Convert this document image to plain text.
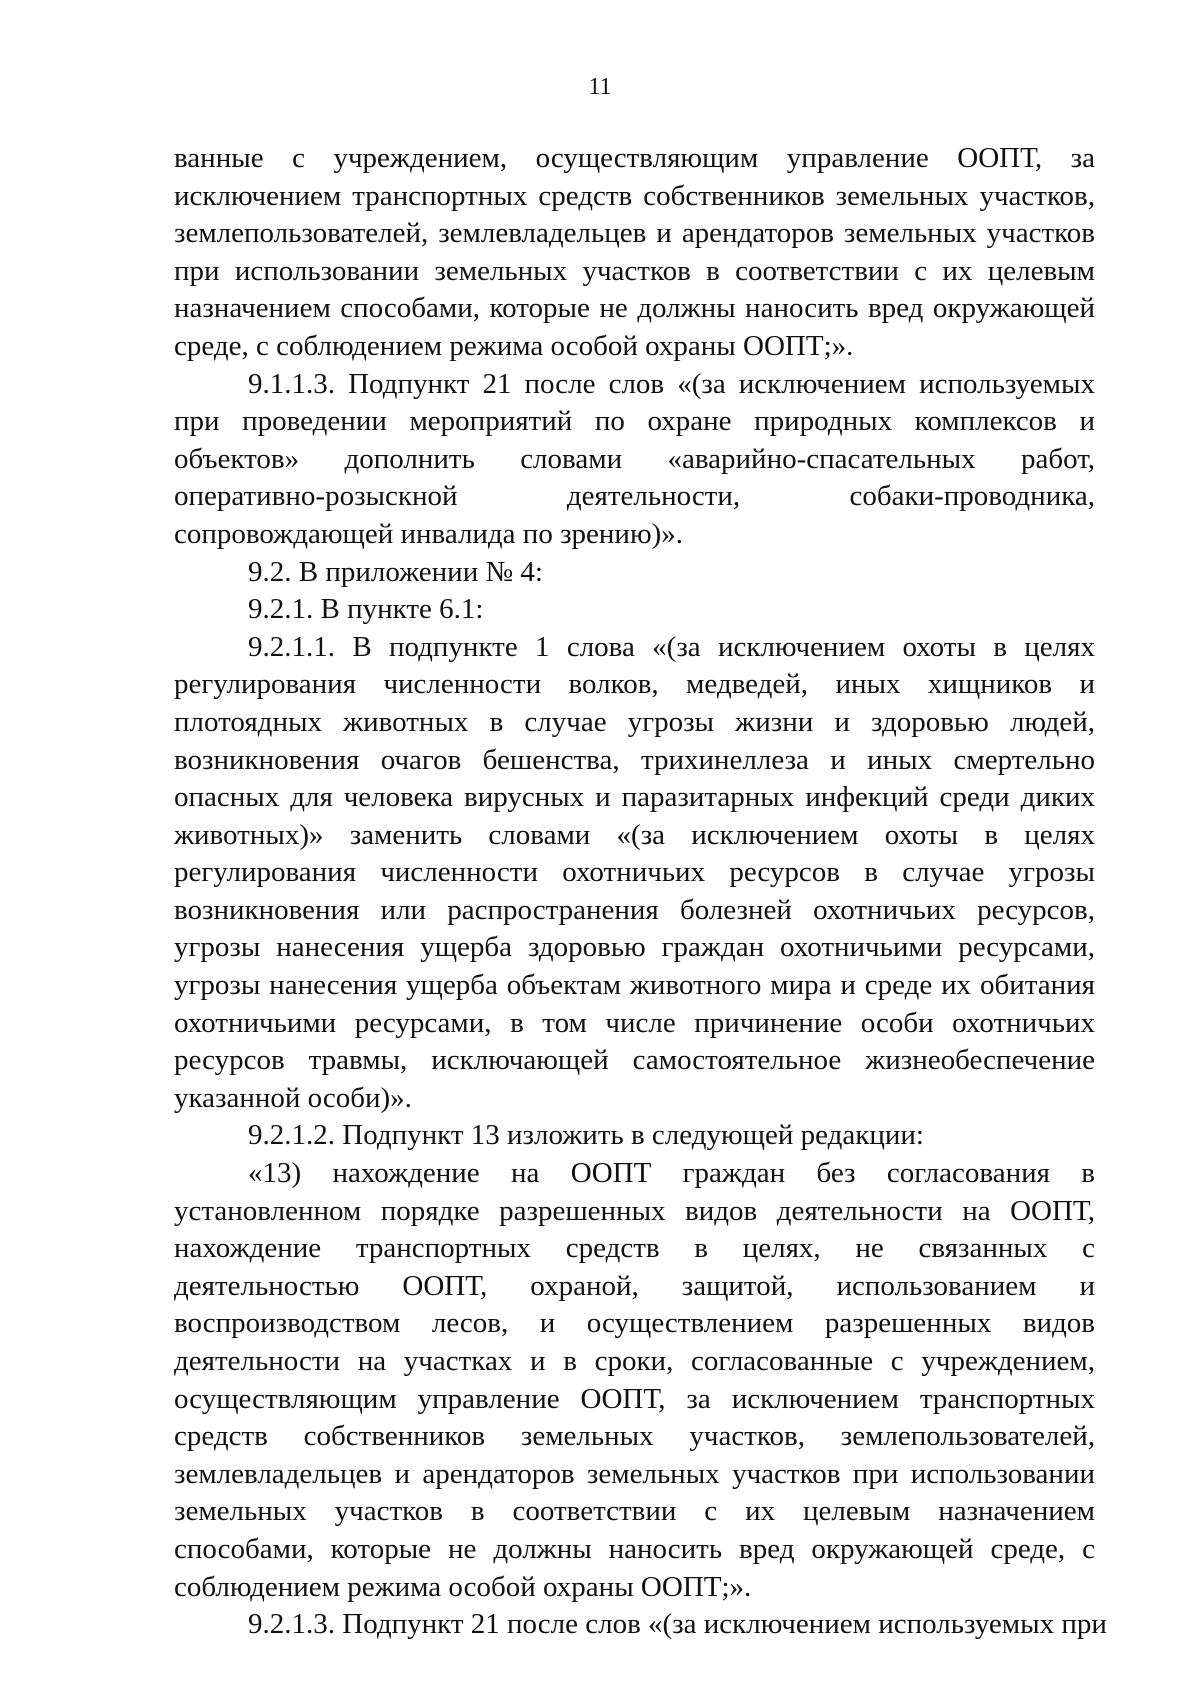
11

ванные с учреждением, осуществляющим управление ООПТ, за исключением транспортных средств собственников земельных участков, землепользователей, землевладельцев и арендаторов земельных участков при использовании земельных участков в соответствии с их целевым назначением способами, которые не должны наносить вред окружающей среде, с соблюдением режима особой охраны ООПТ;».

9.1.1.3. Подпункт 21 после слов «(за исключением используемых при проведении мероприятий по охране природных комплексов и объектов» дополнить словами «аварийно-спасательных работ, оперативно-розыскной деятельности, собаки-проводника, сопровождающей инвалида по зрению)».

9.2. В приложении № 4:

9.2.1. В пункте 6.1:

9.2.1.1. В подпункте 1 слова «(за исключением охоты в целях регулирования численности волков, медведей, иных хищников и плотоядных животных в случае угрозы жизни и здоровью людей, возникновения очагов бешенства, трихинеллеза и иных смертельно опасных для человека вирусных и паразитарных инфекций среди диких животных)» заменить словами «(за исключением охоты в целях регулирования численности охотничьих ресурсов в случае угрозы возникновения или распространения болезней охотничьих ресурсов, угрозы нанесения ущерба здоровью граждан охотничьими ресурсами, угрозы нанесения ущерба объектам животного мира и среде их обитания охотничьими ресурсами, в том числе причинение особи охотничьих ресурсов травмы, исключающей самостоятельное жизнеобеспечение указанной особи)».

9.2.1.2. Подпункт 13 изложить в следующей редакции:

«13) нахождение на ООПТ граждан без согласования в установленном порядке разрешенных видов деятельности на ООПТ, нахождение транспортных средств в целях, не связанных с деятельностью ООПТ, охраной, защитой, использованием и воспроизводством лесов, и осуществлением разрешенных видов деятельности на участках и в сроки, согласованные с учреждением, осуществляющим управление ООПТ, за исключением транспортных средств собственников земельных участков, землепользователей, землевладельцев и арендаторов земельных участков при использовании земельных участков в соответствии с их целевым назначением способами, которые не должны наносить вред окружающей среде, с соблюдением режима особой охраны ООПТ;».

9.2.1.3. Подпункт 21 после слов «(за исключением используемых при
